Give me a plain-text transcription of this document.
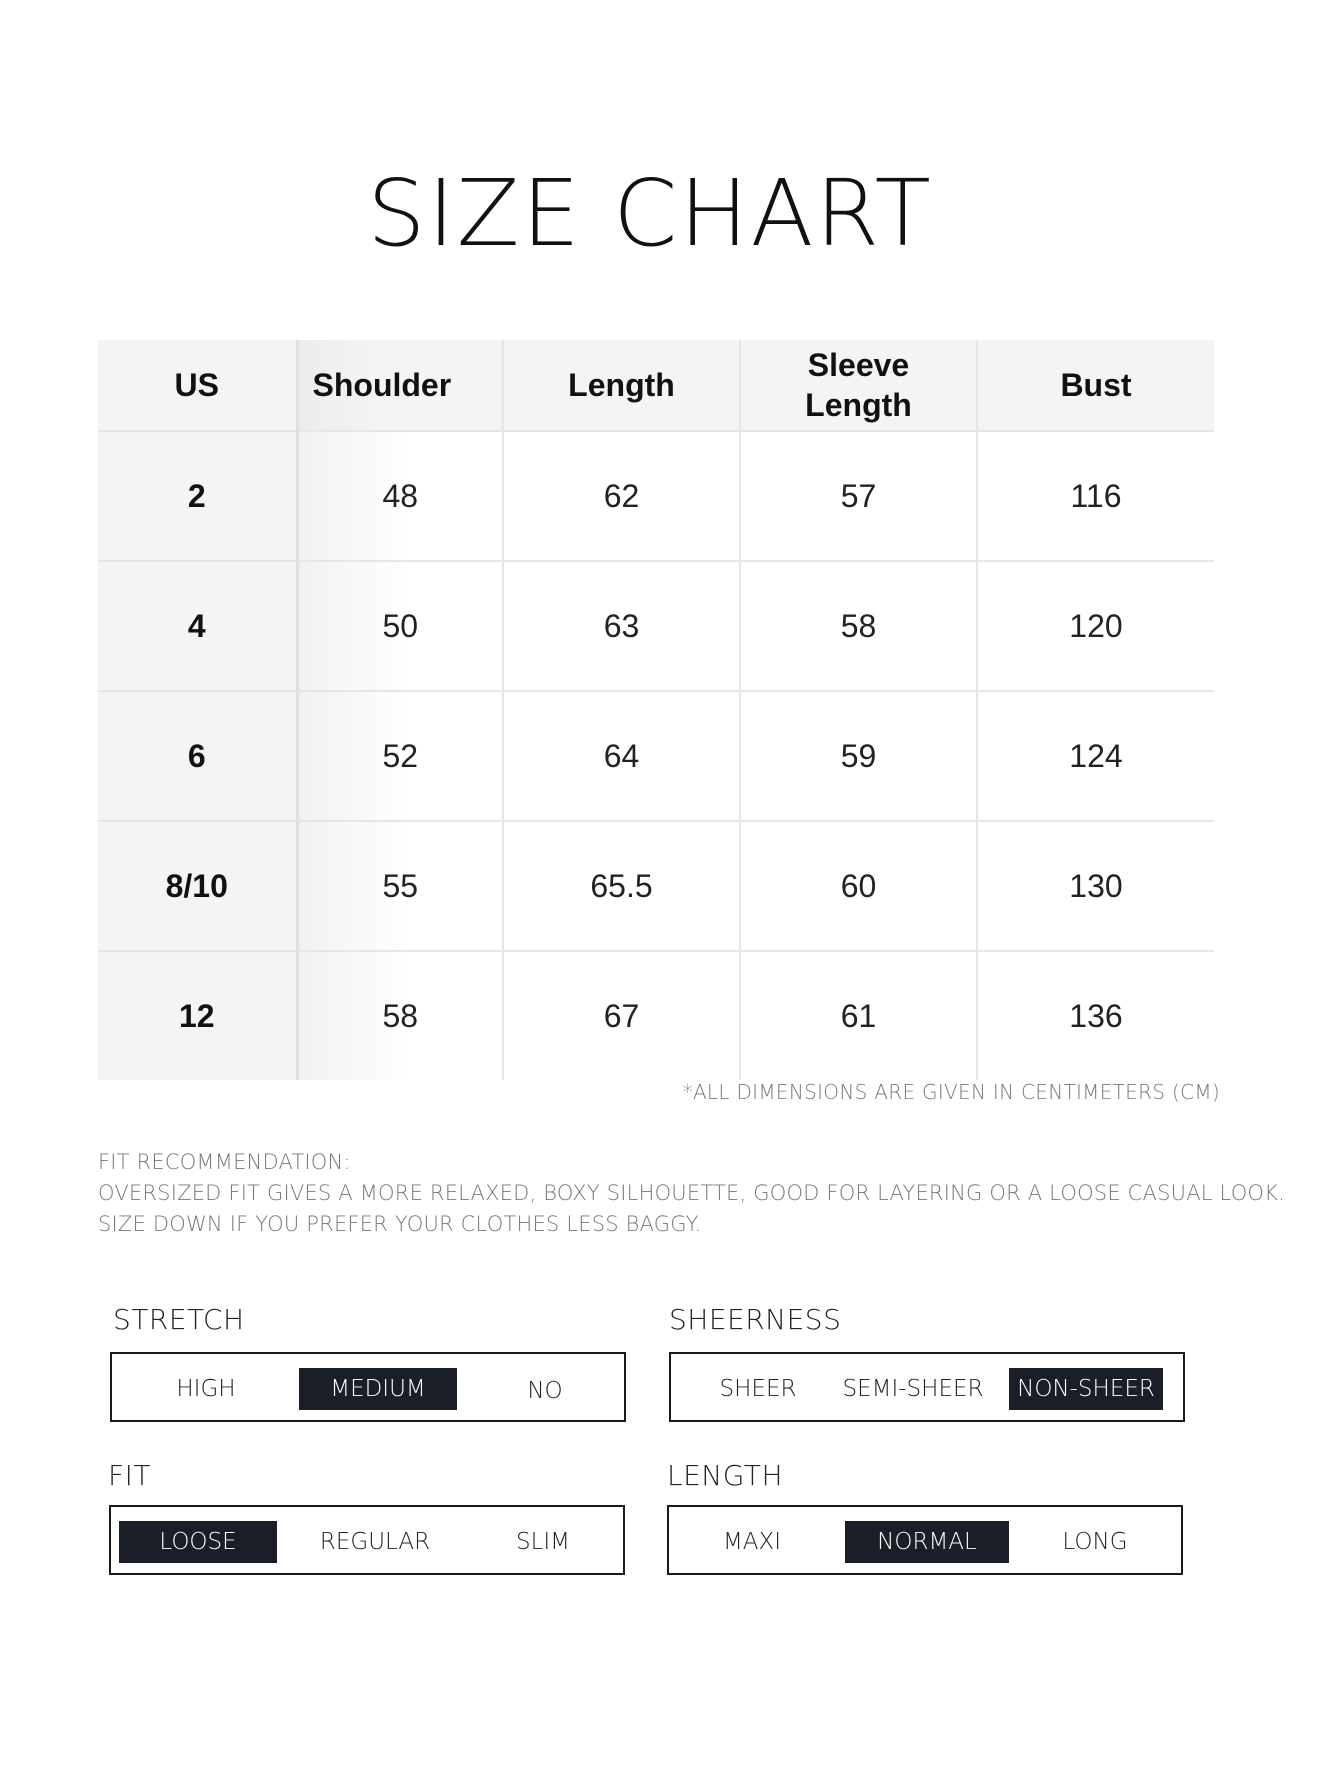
SIZE CHART
US	Shoulder	Length	Sleeve Length	Bust
2	48	62	57	116
4	50	63	58	120
6	52	64	59	124
8/10	55	65.5	60	130
12	58	67	61	136
*ALL DIMENSIONS ARE GIVEN IN CENTIMETERS (CM)
FIT RECOMMENDATION:
OVERSIZED FIT GIVES A MORE RELAXED, BOXY SILHOUETTE, GOOD FOR LAYERING OR A LOOSE CASUAL LOOK.
SIZE DOWN IF YOU PREFER YOUR CLOTHES LESS BAGGY.
STRETCH
HIGH	MEDIUM	NO
SHEERNESS
SHEER	SEMI-SHEER	NON-SHEER
FIT
LOOSE	REGULAR	SLIM
LENGTH
MAXI	NORMAL	LONG
